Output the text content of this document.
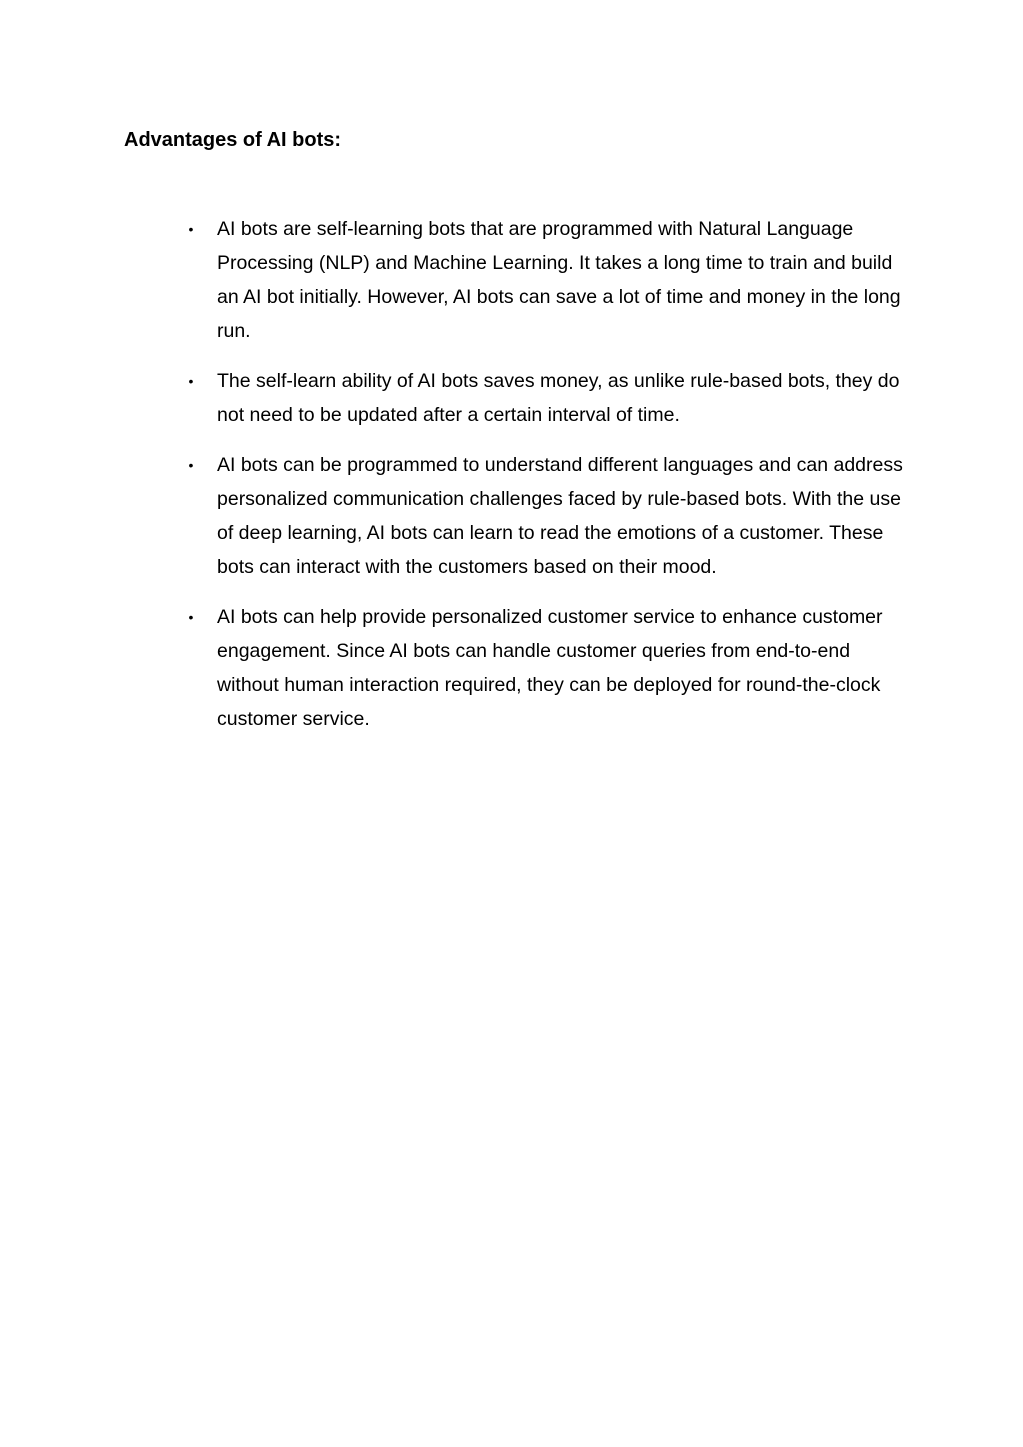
Advantages of AI bots:
• AI bots are self-learning bots that are programmed with Natural Language Processing (NLP) and Machine Learning. It takes a long time to train and build an AI bot initially. However, AI bots can save a lot of time and money in the long run.
• The self-learn ability of AI bots saves money, as unlike rule-based bots, they do not need to be updated after a certain interval of time.
• AI bots can be programmed to understand different languages and can address personalized communication challenges faced by rule-based bots. With the use of deep learning, AI bots can learn to read the emotions of a customer. These bots can interact with the customers based on their mood.
• AI bots can help provide personalized customer service to enhance customer engagement. Since AI bots can handle customer queries from end-to-end without human interaction required, they can be deployed for round-the-clock customer service.
